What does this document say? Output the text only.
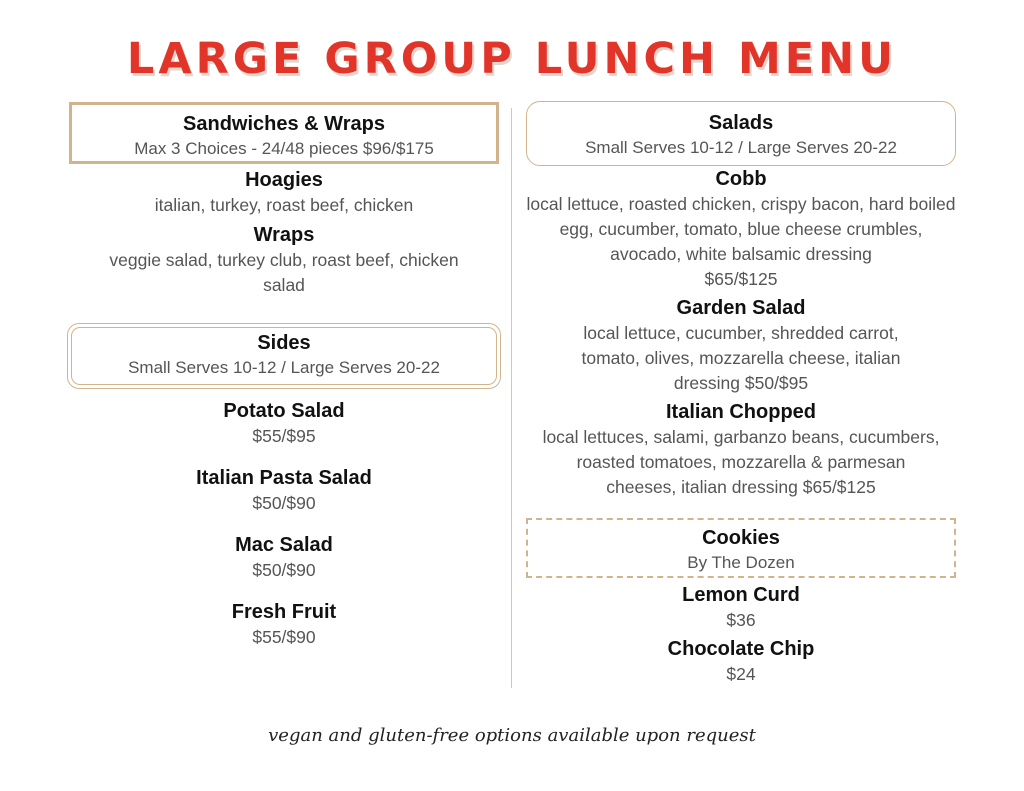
LARGE GROUP LUNCH MENU
Sandwiches & Wraps
Max 3 Choices - 24/48 pieces $96/$175
Hoagies
italian, turkey, roast beef, chicken
Wraps
veggie salad, turkey club, roast beef, chicken salad
Sides
Small Serves 10-12 / Large Serves 20-22
Potato Salad
$55/$95
Italian Pasta Salad
$50/$90
Mac Salad
$50/$90
Fresh Fruit
$55/$90
Salads
Small Serves 10-12 / Large Serves 20-22
Cobb
local lettuce, roasted chicken, crispy bacon, hard boiled egg, cucumber, tomato, blue cheese crumbles, avocado, white balsamic dressing
$65/$125
Garden Salad
local lettuce, cucumber, shredded carrot, tomato, olives, mozzarella cheese, italian dressing $50/$95
Italian Chopped
local lettuces, salami, garbanzo beans, cucumbers, roasted tomatoes, mozzarella & parmesan cheeses, italian dressing $65/$125
Cookies
By The Dozen
Lemon Curd
$36
Chocolate Chip
$24
vegan and gluten-free options available upon request
